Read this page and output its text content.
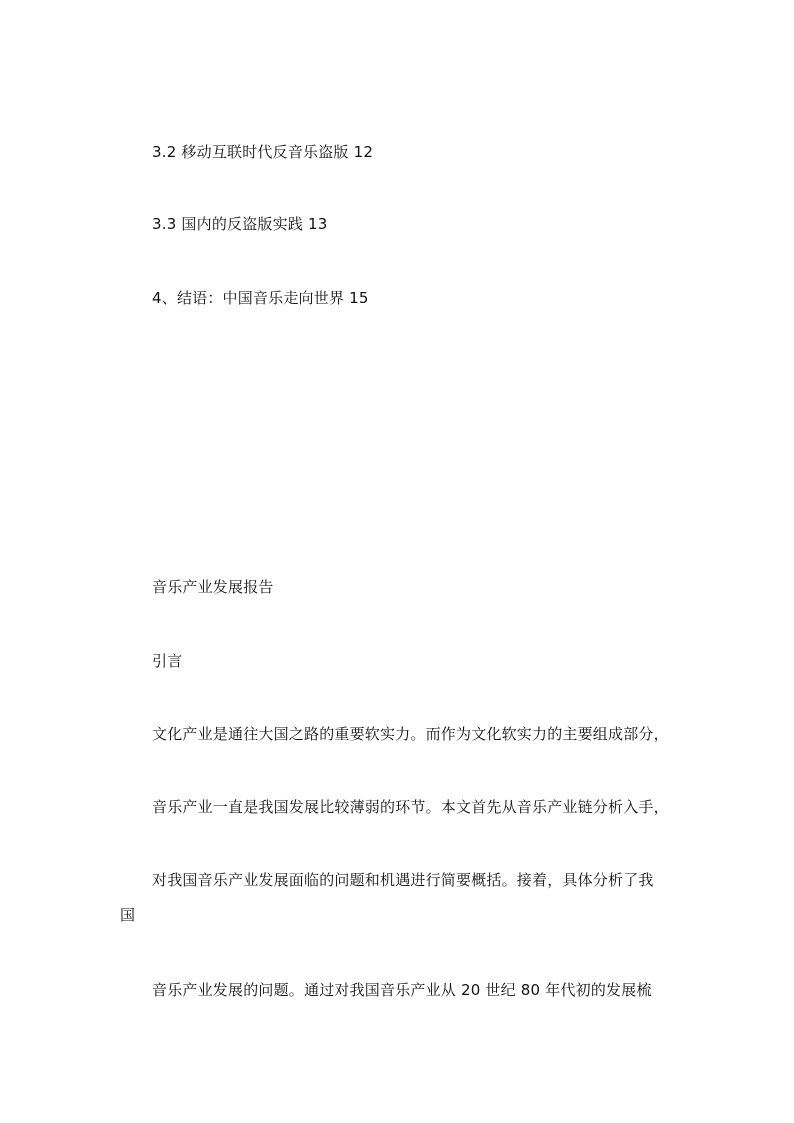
3.2 移动互联时代反音乐盗版 12
3.3 国内的反盗版实践 13
4、结语：中国音乐走向世界 15
音乐产业发展报告
引言
文化产业是通往大国之路的重要软实力。而作为文化软实力的主要组成部分，
音乐产业一直是我国发展比较薄弱的环节。本文首先从音乐产业链分析入手，
对我国音乐产业发展面临的问题和机遇进行简要概括。接着，具体分析了我
国
音乐产业发展的问题。通过对我国音乐产业从 20 世纪 80 年代初的发展梳
